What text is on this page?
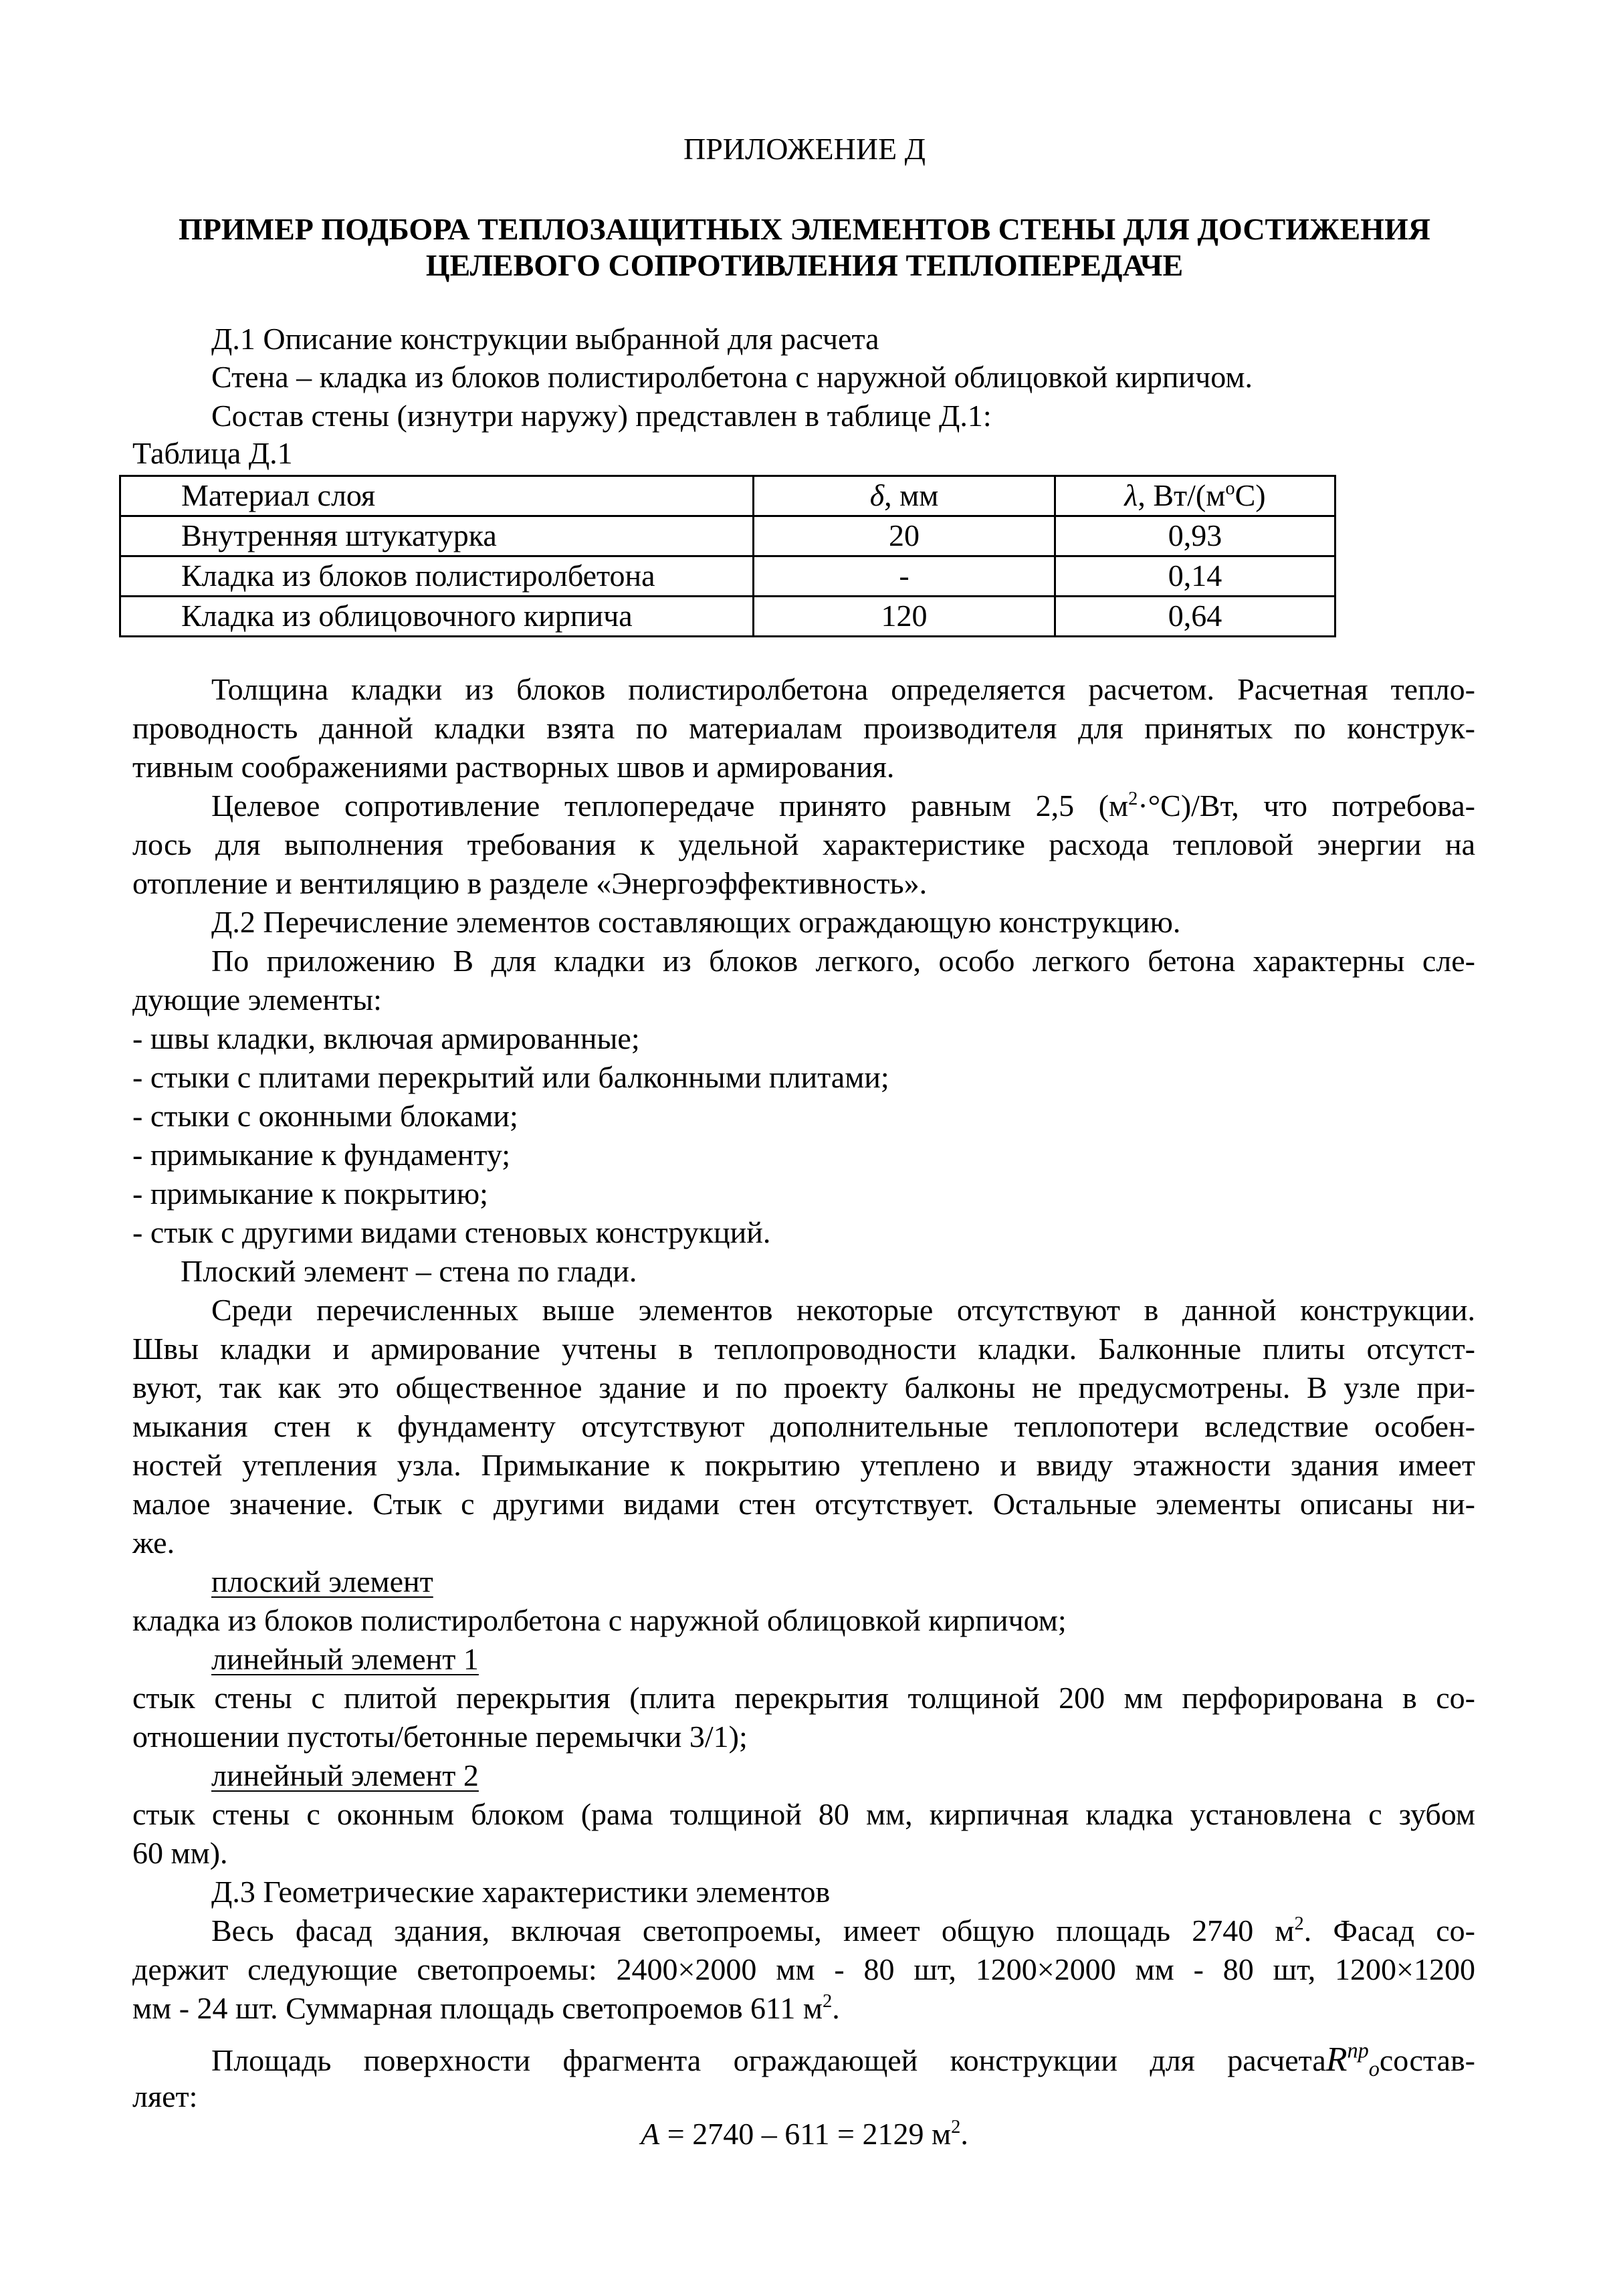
ПРИЛОЖЕНИЕ Д
ПРИМЕР ПОДБОРА ТЕПЛОЗАЩИТНЫХ ЭЛЕМЕНТОВ СТЕНЫ ДЛЯ ДОСТИЖЕНИЯ
ЦЕЛЕВОГО СОПРОТИВЛЕНИЯ ТЕПЛОПЕРЕДАЧЕ
Д.1 Описание конструкции выбранной для расчета
Стена – кладка из блоков полистиролбетона с наружной облицовкой кирпичом.
Состав стены (изнутри наружу) представлен в таблице Д.1:
Таблица Д.1
Материал слоя	δ, мм	λ, $Вт/(м^oС)$
Внутренняя штукатурка	20	0,93
Кладка из блоков полистиролбетона	-	0,14
Кладка из облицовочного кирпича	120	0,64
Толщина кладки из блоков полистиролбетона определяется расчетом. Расчетная тепло-
проводность данной кладки взята по материалам производителя для принятых по конструк-
тивным соображениями растворных швов и армирования.
Целевое сопротивление теплопередаче принято равным 2,5 $(м^2\cdot^\circ С)/Вт$, что потребова-
лось для выполнения требования к удельной характеристике расхода тепловой энергии на
отопление и вентиляцию в разделе «Энергоэффективность».
Д.2 Перечисление элементов составляющих ограждающую конструкцию.
По приложению В для кладки из блоков легкого, особо легкого бетона характерны сле-
дующие элементы:
- швы кладки, включая армированные;
- стыки с плитами перекрытий или балконными плитами;
- стыки с оконными блоками;
- примыкание к фундаменту;
- примыкание к покрытию;
- стык с другими видами стеновых конструкций.
Плоский элемент – стена по глади.
Среди перечисленных выше элементов некоторые отсутствуют в данной конструкции.
Швы кладки и армирование учтены в теплопроводности кладки. Балконные плиты отсутст-
вуют, так как это общественное здание и по проекту балконы не предусмотрены. В узле при-
мыкания стен к фундаменту отсутствуют дополнительные теплопотери вследствие особен-
ностей утепления узла. Примыкание к покрытию утеплено и ввиду этажности здания имеет
малое значение. Стык с другими видами стен отсутствует. Остальные элементы описаны ни-
же.
плоский элемент
кладка из блоков полистиролбетона с наружной облицовкой кирпичом;
линейный элемент 1
стык стены с плитой перекрытия (плита перекрытия толщиной 200 мм перфорирована в со-
отношении пустоты/бетонные перемычки 3/1);
линейный элемент 2
стык стены с оконным блоком (рама толщиной 80 мм, кирпичная кладка установлена с зубом
60 мм).
Д.3 Геометрические характеристики элементов
Весь фасад здания, включая светопроемы, имеет общую площадь 2740 $м^2$. Фасад со-
держит следующие светопроемы: 2400×2000 мм - 80 шт, 1200×2000 мм - 80 шт, 1200×1200
мм - 24 шт. Суммарная площадь светопроемов 611 $м^2$.
Площадь поверхности фрагмента ограждающей конструкции для расчетаR$^{пр}_o$состав-
ляет:
A = 2740 – 611 = 2129 $м^2$.
